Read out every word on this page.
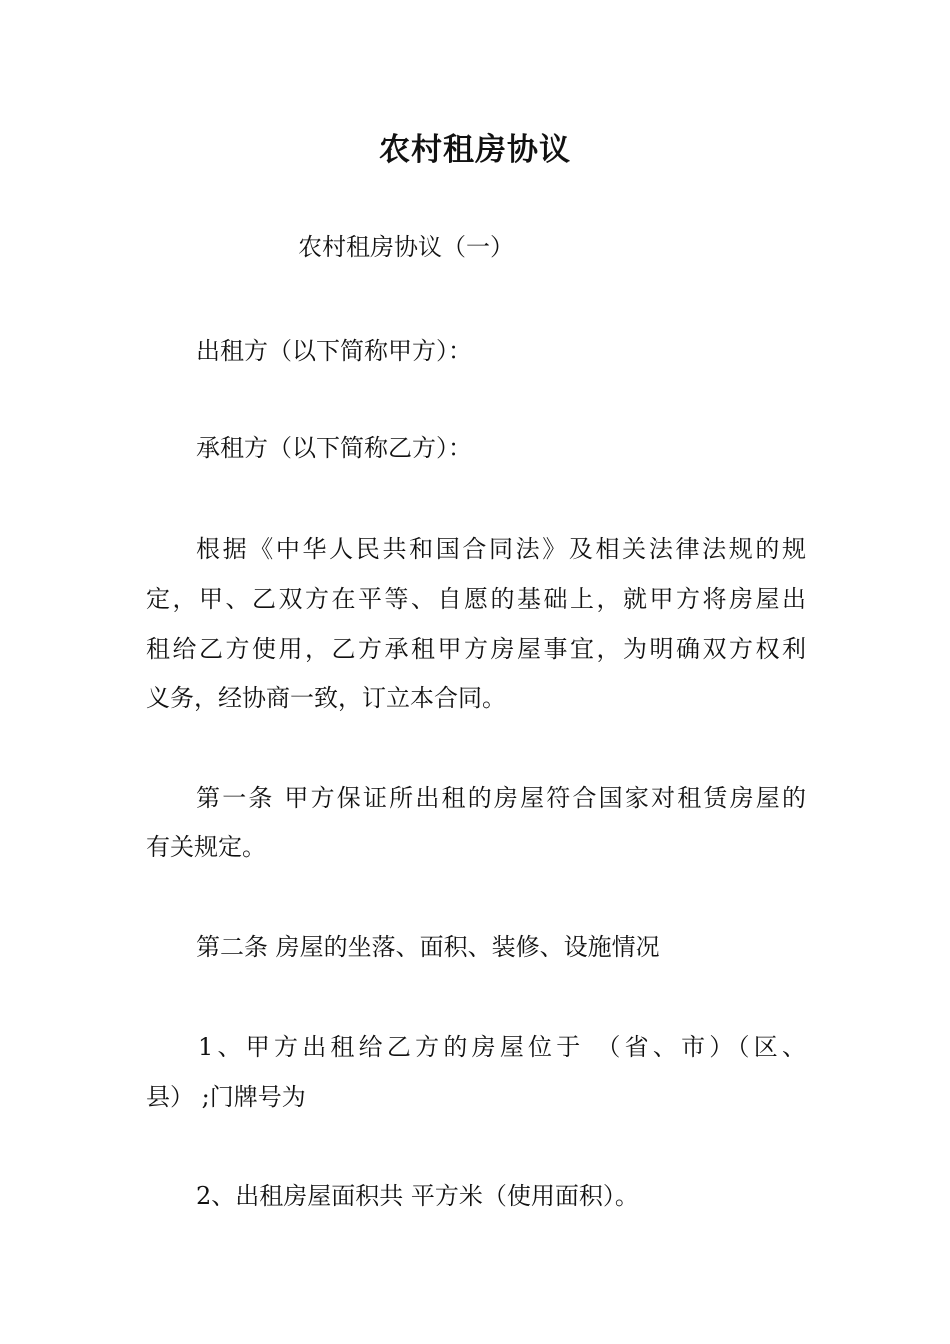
农村租房协议
农村租房协议（一）
出租方（以下简称甲方）：
承租方（以下简称乙方）：
根据《中华人民共和国合同法》及相关法律法规的规
定，甲、乙双方在平等、自愿的基础上，就甲方将房屋出
租给乙方使用，乙方承租甲方房屋事宜，为明确双方权利
义务，经协商一致，订立本合同。
第一条 甲方保证所出租的房屋符合国家对租赁房屋的
有关规定。
第二条 房屋的坐落、面积、装修、设施情况
1、甲方出租给乙方的房屋位于 （省、市）（区、
县） ;门牌号为
2、出租房屋面积共 平方米（使用面积）。
